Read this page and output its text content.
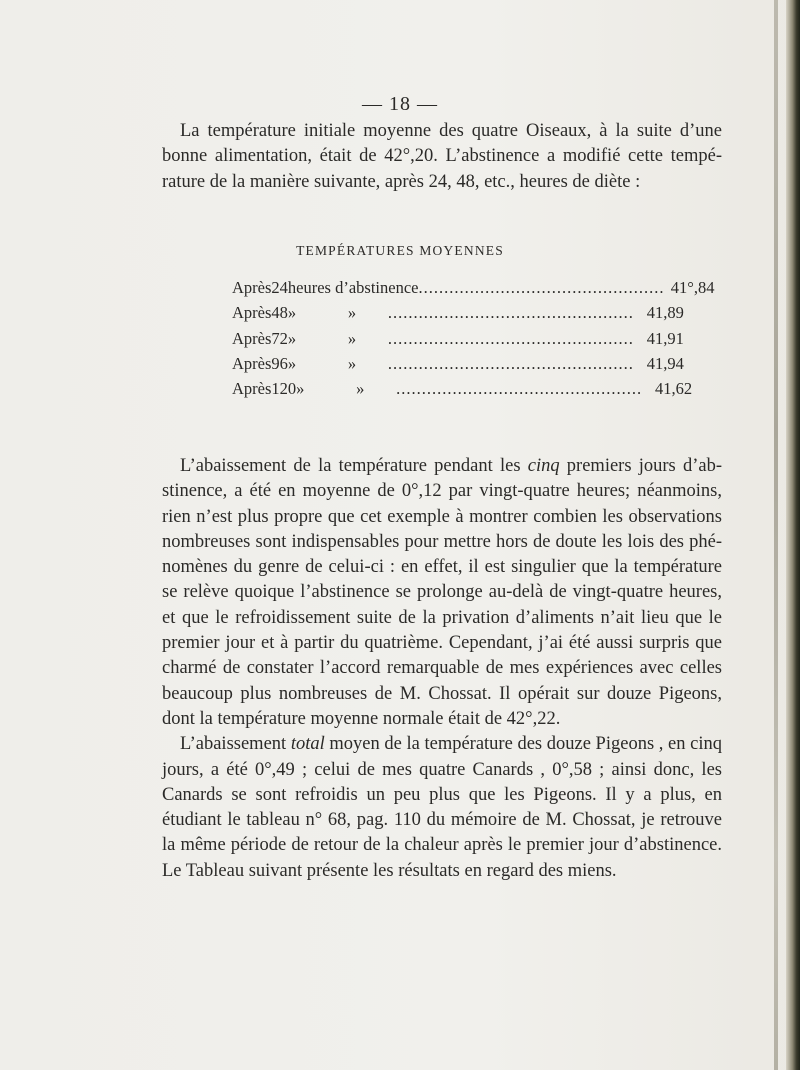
— 18 —

La température initiale moyenne des quatre Oiseaux, à la suite d’une bonne alimentation, était de 42°,20. L’abstinence a modifié cette tempé- rature de la manière suivante, après 24, 48, etc., heures de diète :

TEMPÉRATURES MOYENNES
Après 24 heures d’abstinence .....	41°,84
Après 48 »	» .....	41,89
Après 72 »	» .....	41,91
Après 96 »	» .....	41,94
Après 120 »	» .....	41,62

L’abaissement de la température pendant les cinq premiers jours d’ab- stinence, a été en moyenne de 0°,12 par vingt-quatre heures; néanmoins, rien n’est plus propre que cet exemple à montrer combien les observations nombreuses sont indispensables pour mettre hors de doute les lois des phé- nomènes du genre de celui-ci : en effet, il est singulier que la température se relève quoique l’abstinence se prolonge au-delà de vingt-quatre heures, et que le refroidissement suite de la privation d’aliments n’ait lieu que le premier jour et à partir du quatrième. Cependant, j’ai été aussi surpris que charmé de constater l’accord remarquable de mes expériences avec celles beaucoup plus nombreuses de M. Chossat. Il opérait sur douze Pigeons, dont la température moyenne normale était de 42°,22.

L’abaissement total moyen de la température des douze Pigeons , en cinq jours, a été 0°,49 ; celui de mes quatre Canards , 0°,58 ; ainsi donc, les Canards se sont refroidis un peu plus que les Pigeons. Il y a plus, en étudiant le tableau n° 68, pag. 110 du mémoire de M. Chossat, je retrouve la même période de retour de la chaleur après le premier jour d’abstinence. Le Tableau suivant présente les résultats en regard des miens.
